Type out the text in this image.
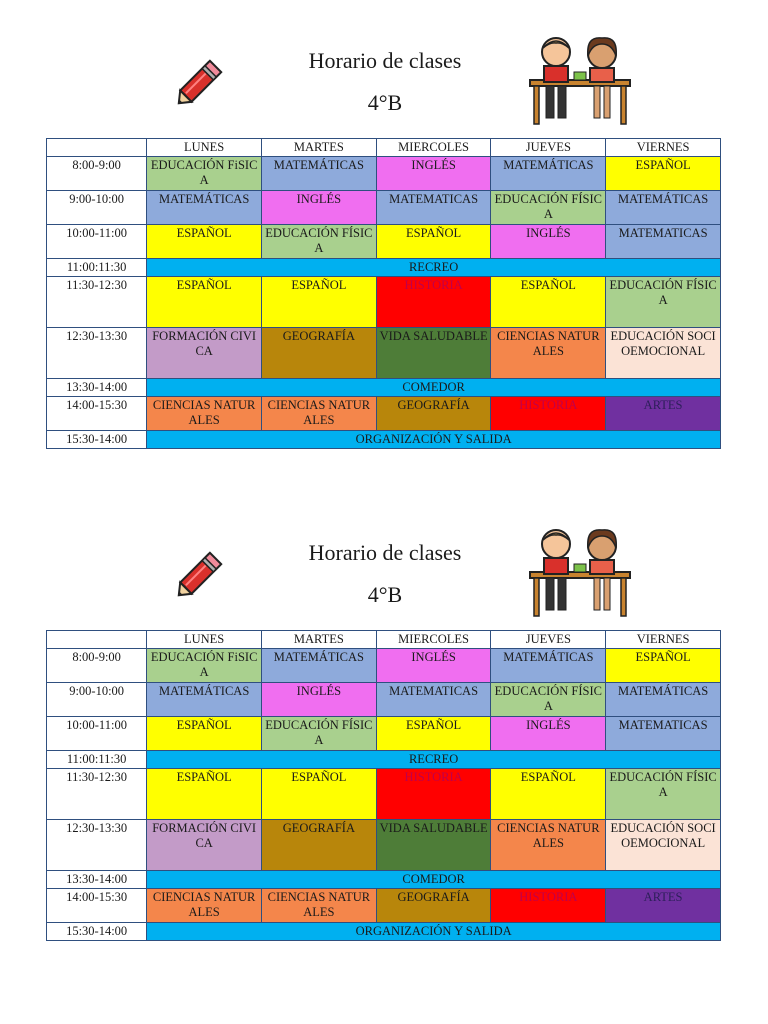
Horario de clases
4°B
	LUNES	MARTES	MIERCOLES	JUEVES	VIERNES
8:00-9:00	EDUCACIÓN FiSICA	MATEMÁTICAS	INGLÉS	MATEMÁTICAS	ESPAÑOL
9:00-10:00	MATEMÁTICAS	INGLÉS	MATEMATICAS	EDUCACIÓN FÍSICA	MATEMÁTICAS
10:00-11:00	ESPAÑOL	EDUCACIÓN FÍSICA	ESPAÑOL	INGLÉS	MATEMATICAS
11:00:11:30	RECREO				
11:30-12:30	ESPAÑOL	ESPAÑOL	HISTORIA	ESPAÑOL	EDUCACIÓN FÍSICA
12:30-13:30	FORMACIÓN CIVICA	GEOGRAFÍA	VIDA SALUDABLE	CIENCIAS NATURALES	EDUCACIÓN SOCIOEMOCIONAL
13:30-14:00	COMEDOR				
14:00-15:30	CIENCIAS NATURALES	CIENCIAS NATURALES	GEOGRAFÍA	HISTORIA	ARTES
15:30-14:00	ORGANIZACIÓN Y SALIDA				
Horario de clases
4°B
	LUNES	MARTES	MIERCOLES	JUEVES	VIERNES
8:00-9:00	EDUCACIÓN FiSICA	MATEMÁTICAS	INGLÉS	MATEMÁTICAS	ESPAÑOL
9:00-10:00	MATEMÁTICAS	INGLÉS	MATEMATICAS	EDUCACIÓN FÍSICA	MATEMÁTICAS
10:00-11:00	ESPAÑOL	EDUCACIÓN FÍSICA	ESPAÑOL	INGLÉS	MATEMATICAS
11:00:11:30	RECREO				
11:30-12:30	ESPAÑOL	ESPAÑOL	HISTORIA	ESPAÑOL	EDUCACIÓN FÍSICA
12:30-13:30	FORMACIÓN CIVICA	GEOGRAFÍA	VIDA SALUDABLE	CIENCIAS NATURALES	EDUCACIÓN SOCIOEMOCIONAL
13:30-14:00	COMEDOR				
14:00-15:30	CIENCIAS NATURALES	CIENCIAS NATURALES	GEOGRAFÍA	HISTORIA	ARTES
15:30-14:00	ORGANIZACIÓN Y SALIDA				
